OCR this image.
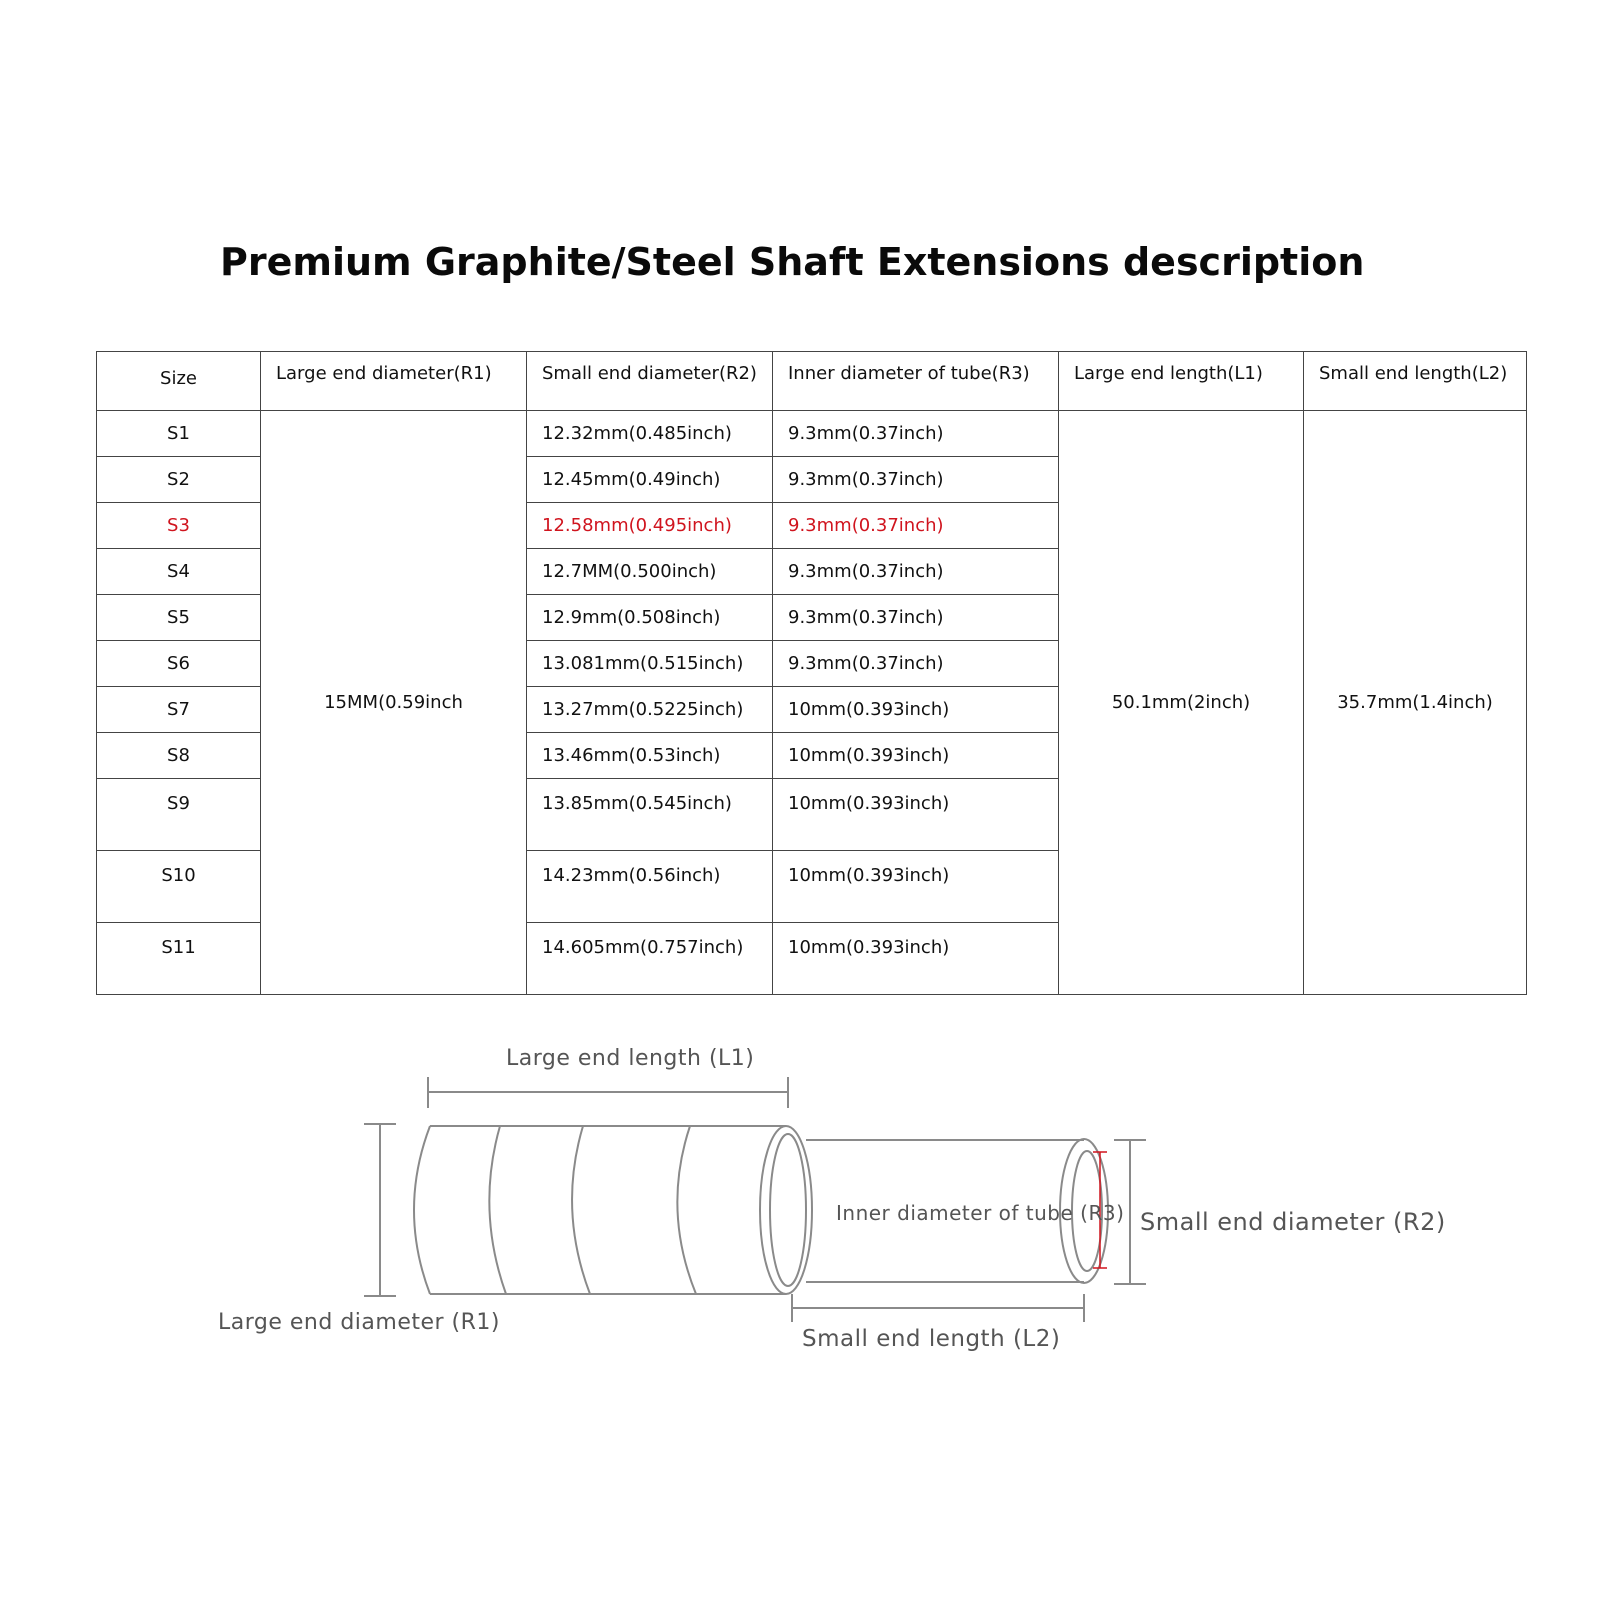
Premium Graphite/Steel Shaft Extensions description
Size	Large end diameter(R1)	Small end diameter(R2)	Inner diameter of tube(R3)	Large end length(L1)	Small end length(L2)
S1	15MM(0.59inch	12.32mm(0.485inch)	9.3mm(0.37inch)	50.1mm(2inch)	35.7mm(1.4inch)
S2		12.45mm(0.49inch)	9.3mm(0.37inch)		
S3		12.58mm(0.495inch)	9.3mm(0.37inch)		
S4		12.7MM(0.500inch)	9.3mm(0.37inch)		
S5		12.9mm(0.508inch)	9.3mm(0.37inch)		
S6		13.081mm(0.515inch)	9.3mm(0.37inch)		
S7		13.27mm(0.5225inch)	10mm(0.393inch)		
S8		13.46mm(0.53inch)	10mm(0.393inch)		
S9		13.85mm(0.545inch)	10mm(0.393inch)		
S10		14.23mm(0.56inch)	10mm(0.393inch)		
S11		14.605mm(0.757inch)	10mm(0.393inch)		
Large end length (L1)
Large end diameter (R1)
Inner diameter of tube (R3) Small end diameter (R2)
Small end length (L2)
